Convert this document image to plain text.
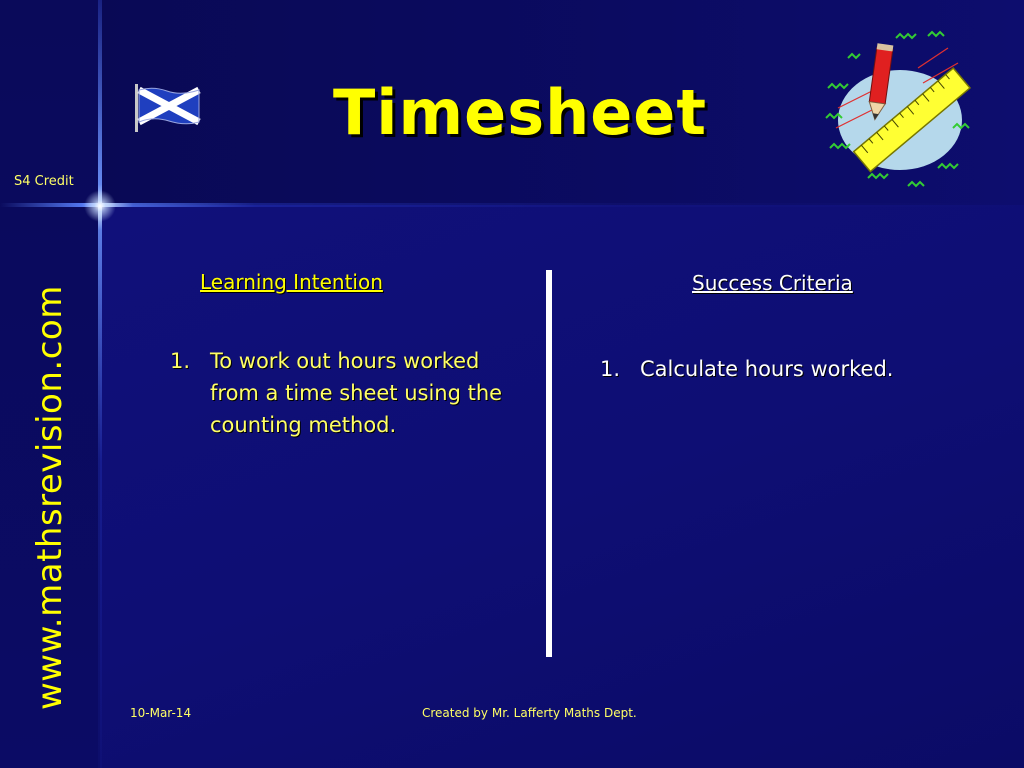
Timesheet
S4 Credit
www.mathsrevision.com
Learning Intention	Success Criteria
1. To work out hours worked from a time sheet using the counting method.
1. Calculate hours worked.
10-Mar-14	Created by Mr. Lafferty Maths Dept.
